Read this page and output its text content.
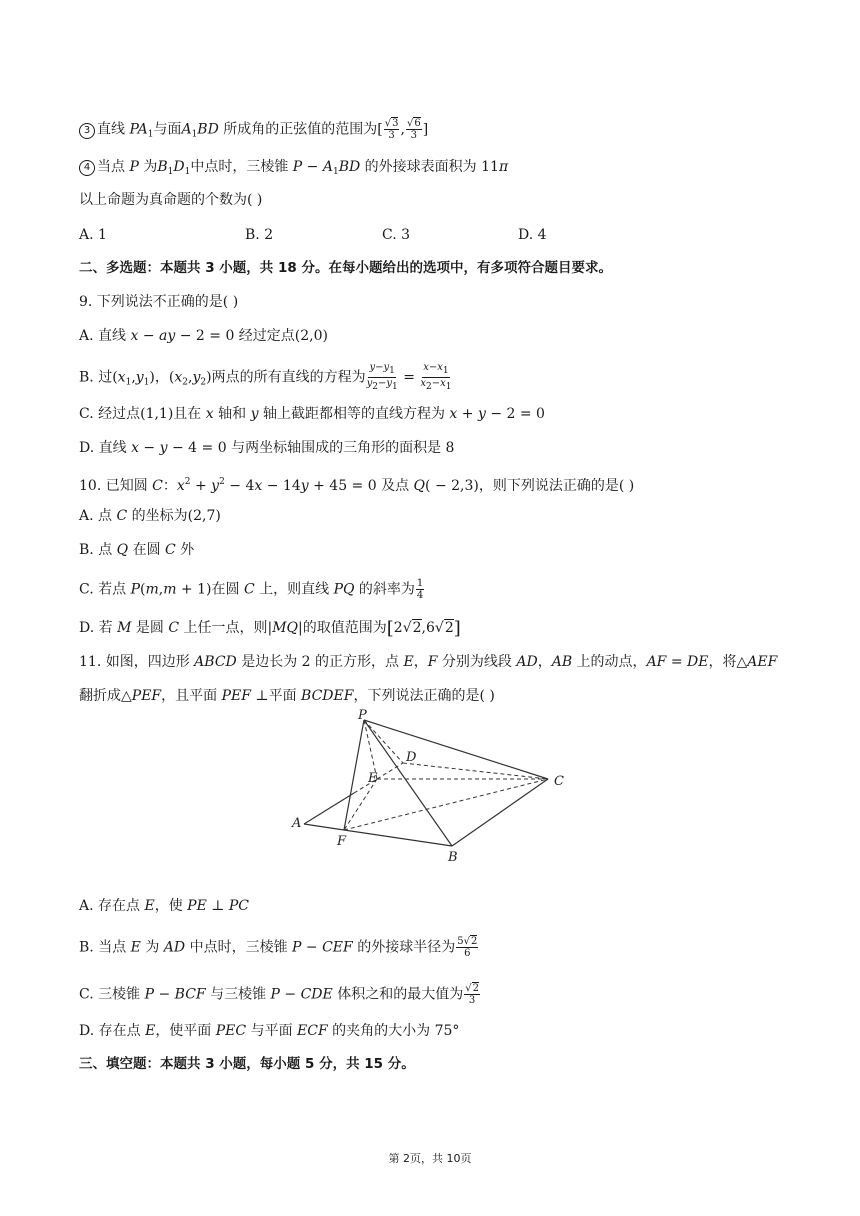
3 直线 $PA_1$与面$A_1BD$ 所成角的正弦值的范围为[ $\frac{√3}{3}$ , $\frac{√6}{3}$ ]
4 当点 P 为$B_1D_1$中点时，三棱锥 $P - A_1BD$ 的外接球表面积为 11π
以上命题为真命题的个数为( )
A. 1	B. 2	C. 3	D. 4
二、多选题：本题共 3 小题，共 18 分。在每小题给出的选项中，有多项符合题目要求。
9. 下列说法不正确的是( )
A. 直线 x − ay − 2 = 0 经过定点(2,0)
B. 过$(x_1,y_1)$，$(x_2,y_2)$两点的所有直线的方程为 $\frac{y-y_1}{y_2-y_1} = \frac{x-x_1}{x_2-x_1}$
C. 经过点(1,1)且在 x 轴和 y 轴上截距都相等的直线方程为 x + y − 2 = 0
D. 直线 x − y − 4 = 0 与两坐标轴围成的三角形的面积是 8
10. 已知圆 C：$x^2 + y^2 - 4x - 14y + 45 = 0$ 及点 Q( − 2,3)，则下列说法正确的是( )
A. 点 C 的坐标为(2,7)
B. 点 Q 在圆 C 外
C. 若点 P(m,m + 1)在圆 C 上，则直线 PQ 的斜率为 $\frac{1}{4}$
D. 若 M 是圆 C 上任一点，则|MQ|的取值范围为[2√2,6√2]
11. 如图，四边形 ABCD 是边长为 2 的正方形，点 E，F 分别为线段 AD，AB 上的动点，AF = DE，将△AEF
翻折成△PEF，且平面 PEF ⊥平面 BCDEF，下列说法正确的是( )
P
D
E	C
A
F
B
A. 存在点 E，使 PE ⊥ PC
B. 当点 E 为 AD 中点时，三棱锥 P − CEF 的外接球半径为 $\frac{5√2}{6}$
C. 三棱锥 P − BCF 与三棱锥 P − CDE 体积之和的最大值为 $\frac{√2}{3}$
D. 存在点 E，使平面 PEC 与平面 ECF 的夹角的大小为 75°
三、填空题：本题共 3 小题，每小题 5 分，共 15 分。
第 2页，共 10页
